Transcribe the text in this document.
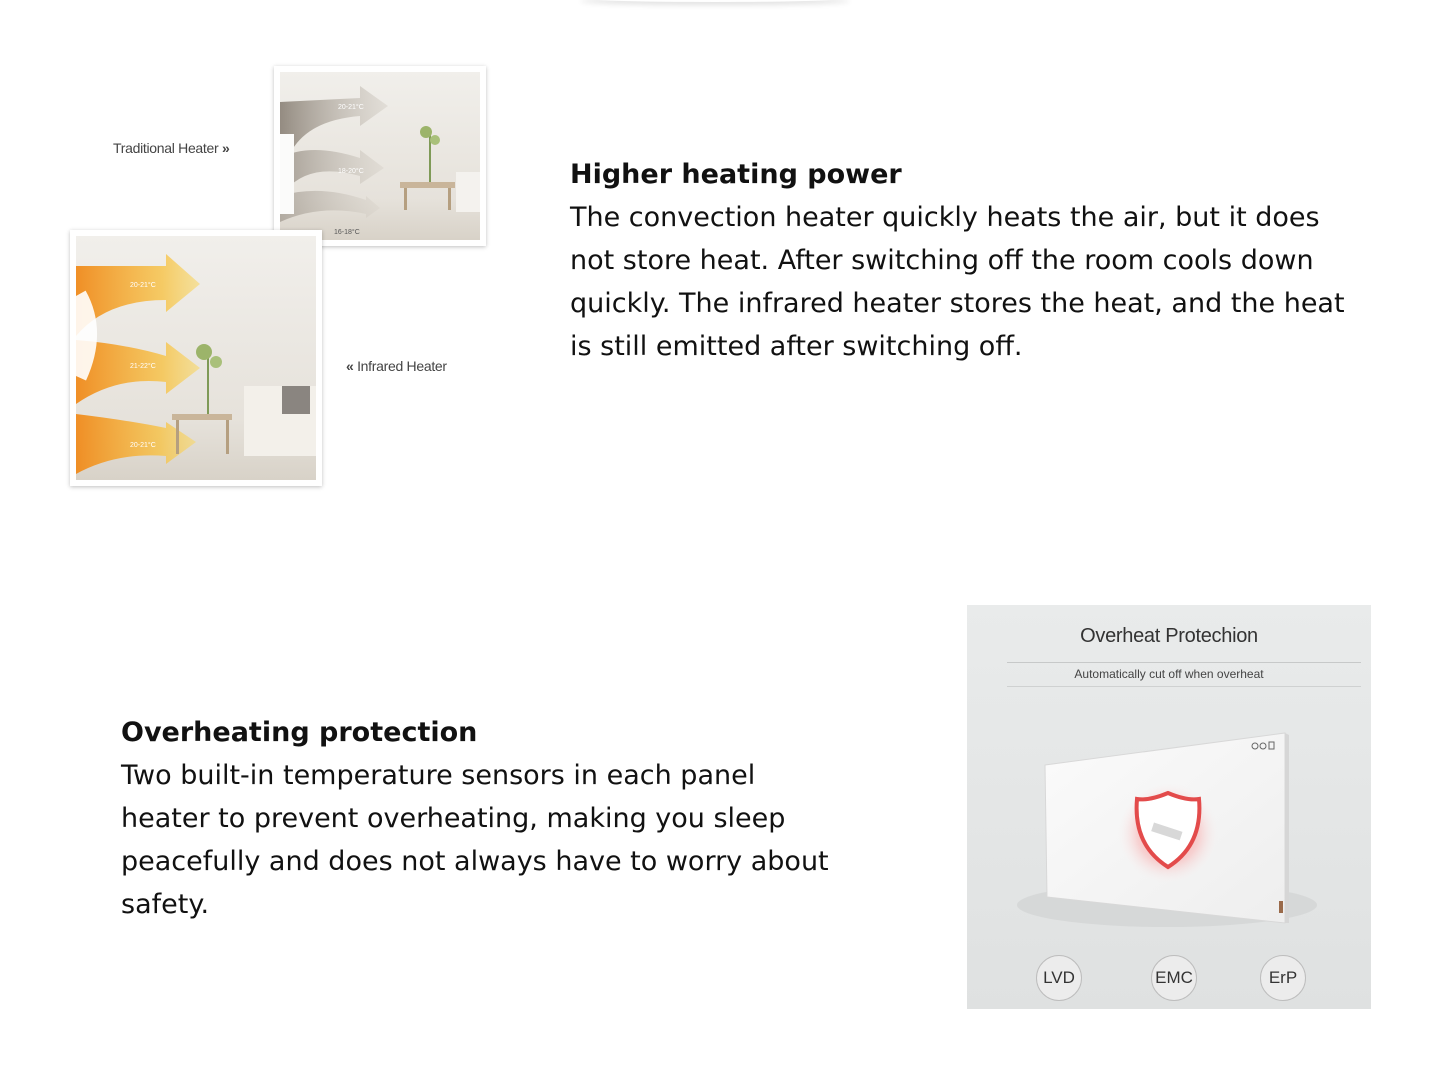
Traditional Heater »
20-21°C
18-20°C
16-18°C
20-21°C
21-22°C
20-21°C
« Infrared Heater
Higher heating power

The convection heater quickly heats the air, but it does not store heat. After switching off the room cools down quickly. The infrared heater stores the heat, and the heat is still emitted after switching off.

Overheating protection

Two built-in temperature sensors in each panel heater to prevent overheating, making you sleep peacefully and does not always have to worry about safety.

Overheat Protechion
Automatically cut off when overheat
LVD	EMC	ErP
